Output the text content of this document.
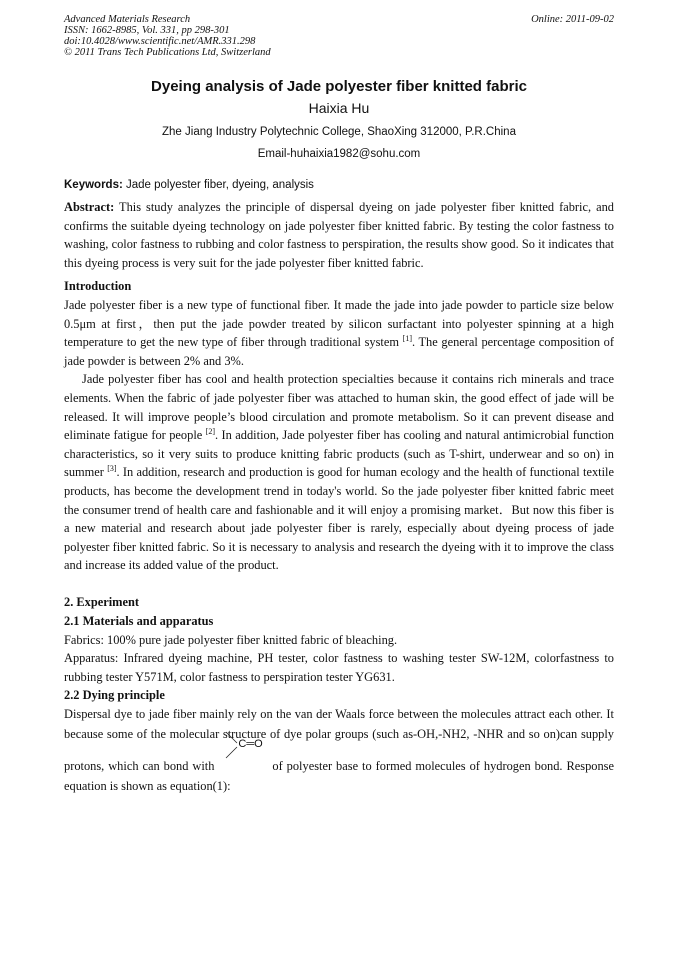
Advanced Materials Research
ISSN: 1662-8985, Vol. 331, pp 298-301
doi:10.4028/www.scientific.net/AMR.331.298
© 2011 Trans Tech Publications Ltd, Switzerland
Online: 2011-09-02
Dyeing analysis of Jade polyester fiber knitted fabric
Haixia Hu
Zhe Jiang Industry Polytechnic College, ShaoXing 312000, P.R.China
Email-huhaixia1982@sohu.com
Keywords: Jade polyester fiber, dyeing, analysis

Abstract: This study analyzes the principle of dispersal dyeing on jade polyester fiber knitted fabric, and confirms the suitable dyeing technology on jade polyester fiber knitted fabric. By testing the color fastness to washing, color fastness to rubbing and color fastness to perspiration, the results show good. So it indicates that this dyeing process is very suit for the jade polyester fiber knitted fabric.

Introduction

Jade polyester fiber is a new type of functional fiber. It made the jade into jade powder to particle size below 0.5μm at first，then put the jade powder treated by silicon surfactant into polyester spinning at a high temperature to get the new type of fiber through traditional system [1]. The general percentage composition of jade powder is between 2% and 3%.

Jade polyester fiber has cool and health protection specialties because it contains rich minerals and trace elements. When the fabric of jade polyester fiber was attached to human skin, the good effect of jade will be released. It will improve people’s blood circulation and promote metabolism. So it can prevent disease and eliminate fatigue for people [2]. In addition, Jade polyester fiber has cooling and natural antimicrobial function characteristics, so it very suits to produce knitting fabric products (such as T-shirt, underwear and so on) in summer [3]. In addition, research and production is good for human ecology and the health of functional textile products, has become the development trend in today's world. So the jade polyester fiber knitted fabric meet the consumer trend of health care and fashionable and it will enjoy a promising market．But now this fiber is a new material and research about jade polyester fiber is rarely, especially about dyeing process of jade polyester fiber knitted fabric. So it is necessary to analysis and research the dyeing with it to improve the class and increase its added value of the product.

2. Experiment
2.1 Materials and apparatus

Fabrics: 100% pure jade polyester fiber knitted fabric of bleaching.

Apparatus: Infrared dyeing machine, PH tester, color fastness to washing tester SW-12M, colorfastness to rubbing tester Y571M, color fastness to perspiration tester YG631.

2.2 Dying principle

Dispersal dye to jade fiber mainly rely on the van der Waals force between the molecules attract each other. It because some of the molecular structure of dye polar groups (such as-OH,-NH2, -NHR and so on)can supply protons, which can bond with
C═O
of polyester base to formed molecules of hydrogen bond. Response equation is shown as equation(1):
